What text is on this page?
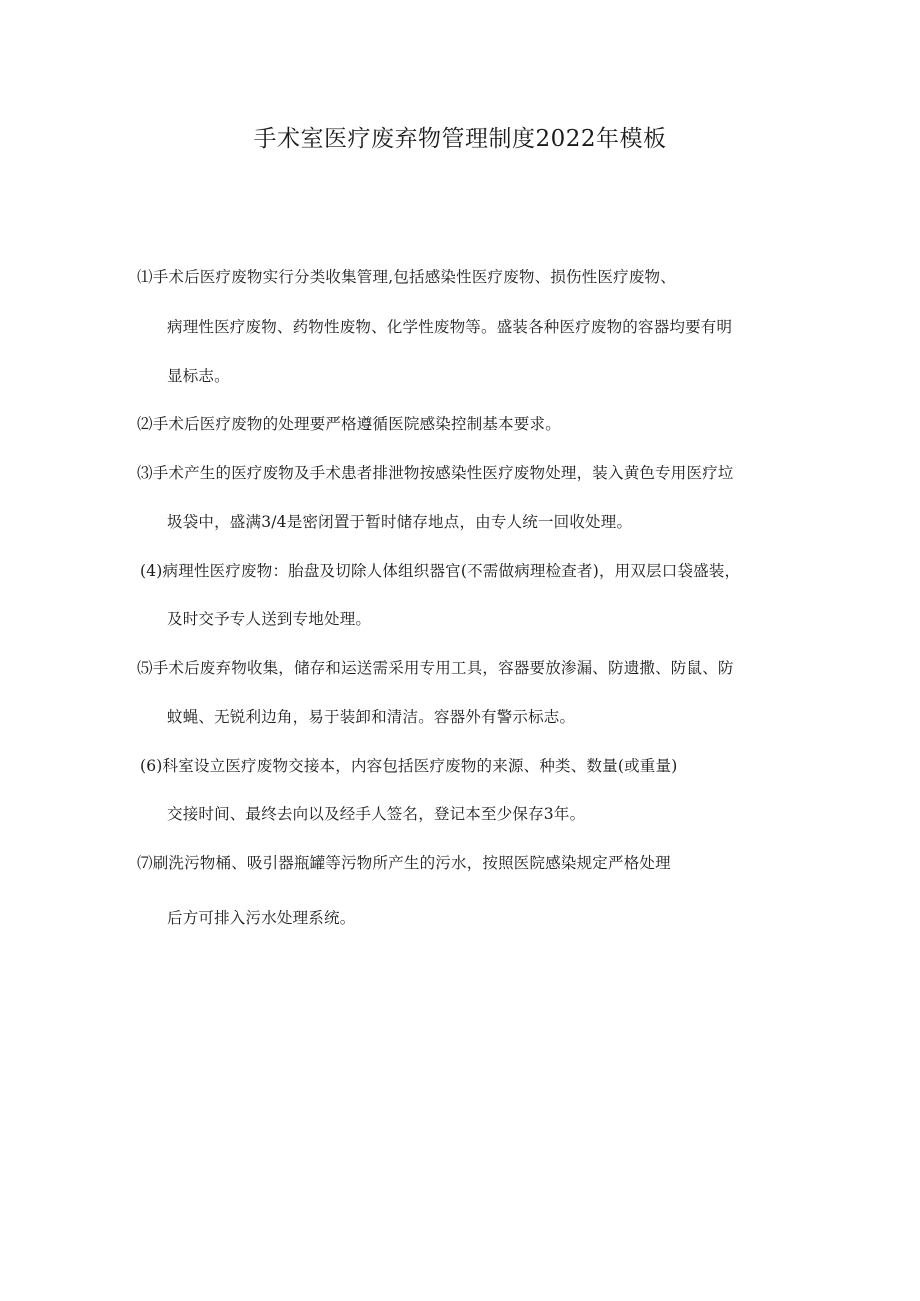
手术室医疗废弃物管理制度2022年模板
⑴手术后医疗废物实行分类收集管理,包括感染性医疗废物、损伤性医疗废物、
病理性医疗废物、药物性废物、化学性废物等。盛装各种医疗废物的容器均要有明
显标志。
⑵手术后医疗废物的处理要严格遵循医院感染控制基本要求。
⑶手术产生的医疗废物及手术患者排泄物按感染性医疗废物处理，装入黄色专用医疗垃
圾袋中，盛满3/4是密闭置于暂时储存地点，由专人统一回收处理。
(4)病理性医疗废物：胎盘及切除人体组织器官(不需做病理检查者)，用双层口袋盛装，
及时交予专人送到专地处理。
⑸手术后废弃物收集，储存和运送需采用专用工具，容器要放渗漏、防遗撒、防鼠、防
蚊蝇、无锐利边角，易于装卸和清洁。容器外有警示标志。
(6)科室设立医疗废物交接本，内容包括医疗废物的来源、种类、数量(或重量)
交接时间、最终去向以及经手人签名，登记本至少保存3年。
⑺刷洗污物桶、吸引器瓶罐等污物所产生的污水，按照医院感染规定严格处理
后方可排入污水处理系统。
